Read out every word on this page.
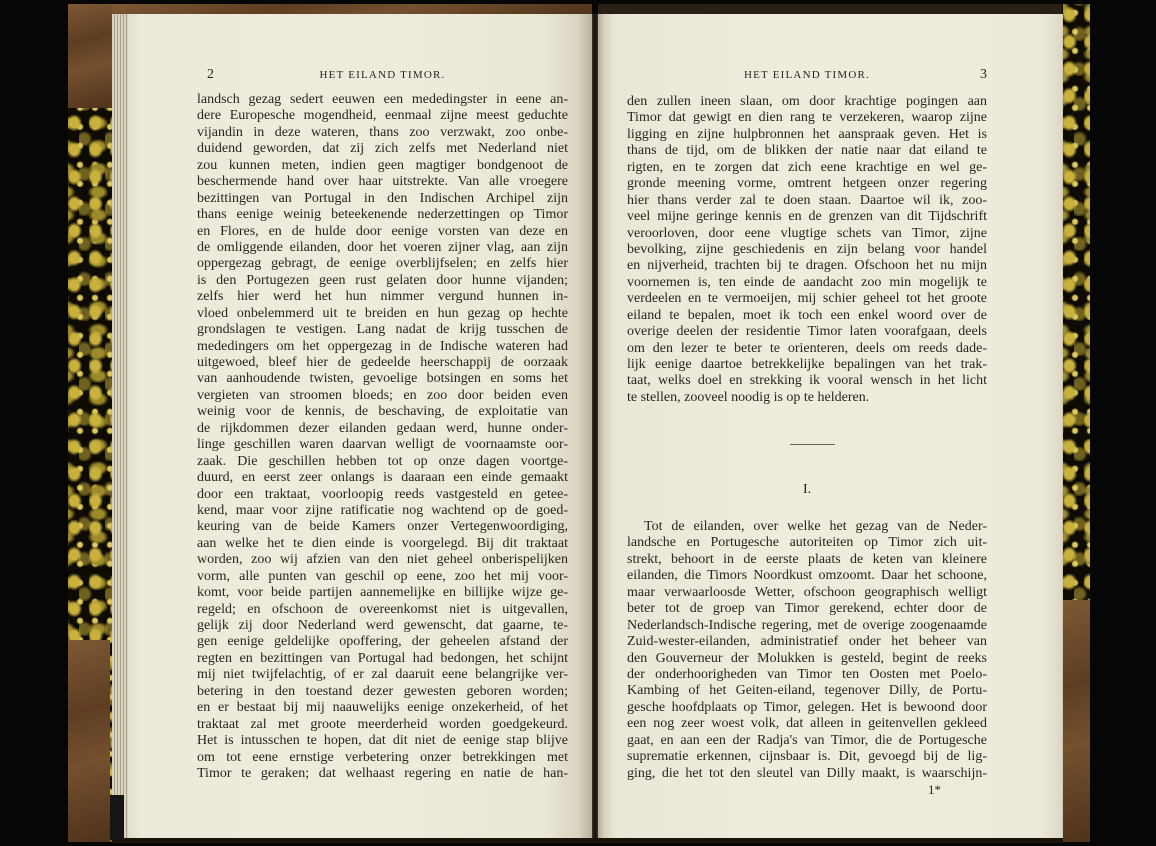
2	HET EILAND TIMOR.
landsch gezag sedert eeuwen een mededingster in eene an-
dere Europesche mogendheid, eenmaal zijne meest geduchte
vijandin in deze wateren, thans zoo verzwakt, zoo onbe-
duidend geworden, dat zij zich zelfs met Nederland niet
zou kunnen meten, indien geen magtiger bondgenoot de
beschermende hand over haar uitstrekte. Van alle vroegere
bezittingen van Portugal in den Indischen Archipel zijn
thans eenige weinig beteekenende nederzettingen op Timor
en Flores, en de hulde door eenige vorsten van deze en
de omliggende eilanden, door het voeren zijner vlag, aan zijn
oppergezag gebragt, de eenige overblijfselen; en zelfs hier
is den Portugezen geen rust gelaten door hunne vijanden;
zelfs hier werd het hun nimmer vergund hunnen in-
vloed onbelemmerd uit te breiden en hun gezag op hechte
grondslagen te vestigen. Lang nadat de krijg tusschen de
mededingers om het oppergezag in de Indische wateren had
uitgewoed, bleef hier de gedeelde heerschappij de oorzaak
van aanhoudende twisten, gevoelige botsingen en soms het
vergieten van stroomen bloeds; en zoo door beiden even
weinig voor de kennis, de beschaving, de exploitatie van
de rijkdommen dezer eilanden gedaan werd, hunne onder-
linge geschillen waren daarvan welligt de voornaamste oor-
zaak. Die geschillen hebben tot op onze dagen voortge-
duurd, en eerst zeer onlangs is daaraan een einde gemaakt
door een traktaat, voorloopig reeds vastgesteld en getee-
kend, maar voor zijne ratificatie nog wachtend op de goed-
keuring van de beide Kamers onzer Vertegenwoordiging,
aan welke het te dien einde is voorgelegd. Bij dit traktaat
worden, zoo wij afzien van den niet geheel onberispelijken
vorm, alle punten van geschil op eene, zoo het mij voor-
komt, voor beide partijen aannemelijke en billijke wijze ge-
regeld; en ofschoon de overeenkomst niet is uitgevallen,
gelijk zij door Nederland werd gewenscht, dat gaarne, te-
gen eenige geldelijke opoffering, der geheelen afstand der
regten en bezittingen van Portugal had bedongen, het schijnt
mij niet twijfelachtig, of er zal daaruit eene belangrijke ver-
betering in den toestand dezer gewesten geboren worden;
en er bestaat bij mij naauwelijks eenige onzekerheid, of het
traktaat zal met groote meerderheid worden goedgekeurd.
Het is intusschen te hopen, dat dit niet de eenige stap blijve
om tot eene ernstige verbetering onzer betrekkingen met
Timor te geraken; dat welhaast regering en natie de han-
HET EILAND TIMOR.	3
den zullen ineen slaan, om door krachtige pogingen aan
Timor dat gewigt en dien rang te verzekeren, waarop zijne
ligging en zijne hulpbronnen het aanspraak geven. Het is
thans de tijd, om de blikken der natie naar dat eiland te
rigten, en te zorgen dat zich eene krachtige en wel ge-
gronde meening vorme, omtrent hetgeen onzer regering
hier thans verder zal te doen staan. Daartoe wil ik, zoo-
veel mijne geringe kennis en de grenzen van dit Tijdschrift
veroorloven, door eene vlugtige schets van Timor, zijne
bevolking, zijne geschiedenis en zijn belang voor handel
en nijverheid, trachten bij te dragen. Ofschoon het nu mijn
voornemen is, ten einde de aandacht zoo min mogelijk te
verdeelen en te vermoeijen, mij schier geheel tot het groote
eiland te bepalen, moet ik toch een enkel woord over de
overige deelen der residentie Timor laten voorafgaan, deels
om den lezer te beter te orienteren, deels om reeds dade-
lijk eenige daartoe betrekkelijke bepalingen van het trak-
taat, welks doel en strekking ik vooral wensch in het licht
te stellen, zooveel noodig is op te helderen.
I.
Tot de eilanden, over welke het gezag van de Neder-
landsche en Portugesche autoriteiten op Timor zich uit-
strekt, behoort in de eerste plaats de keten van kleinere
eilanden, die Timors Noordkust omzoomt. Daar het schoone,
maar verwaarloosde Wetter, ofschoon geographisch welligt
beter tot de groep van Timor gerekend, echter door de
Nederlandsch-Indische regering, met de overige zoogenaamde
Zuid-wester-eilanden, administratief onder het beheer van
den Gouverneur der Molukken is gesteld, begint de reeks
der onderhoorigheden van Timor ten Oosten met Poelo-
Kambing of het Geiten-eiland, tegenover Dilly, de Portu-
gesche hoofdplaats op Timor, gelegen. Het is bewoond door
een nog zeer woest volk, dat alleen in geitenvellen gekleed
gaat, en aan een der Radja's van Timor, die de Portugesche
suprematie erkennen, cijnsbaar is. Dit, gevoegd bij de lig-
ging, die het tot den sleutel van Dilly maakt, is waarschijn-
1*
